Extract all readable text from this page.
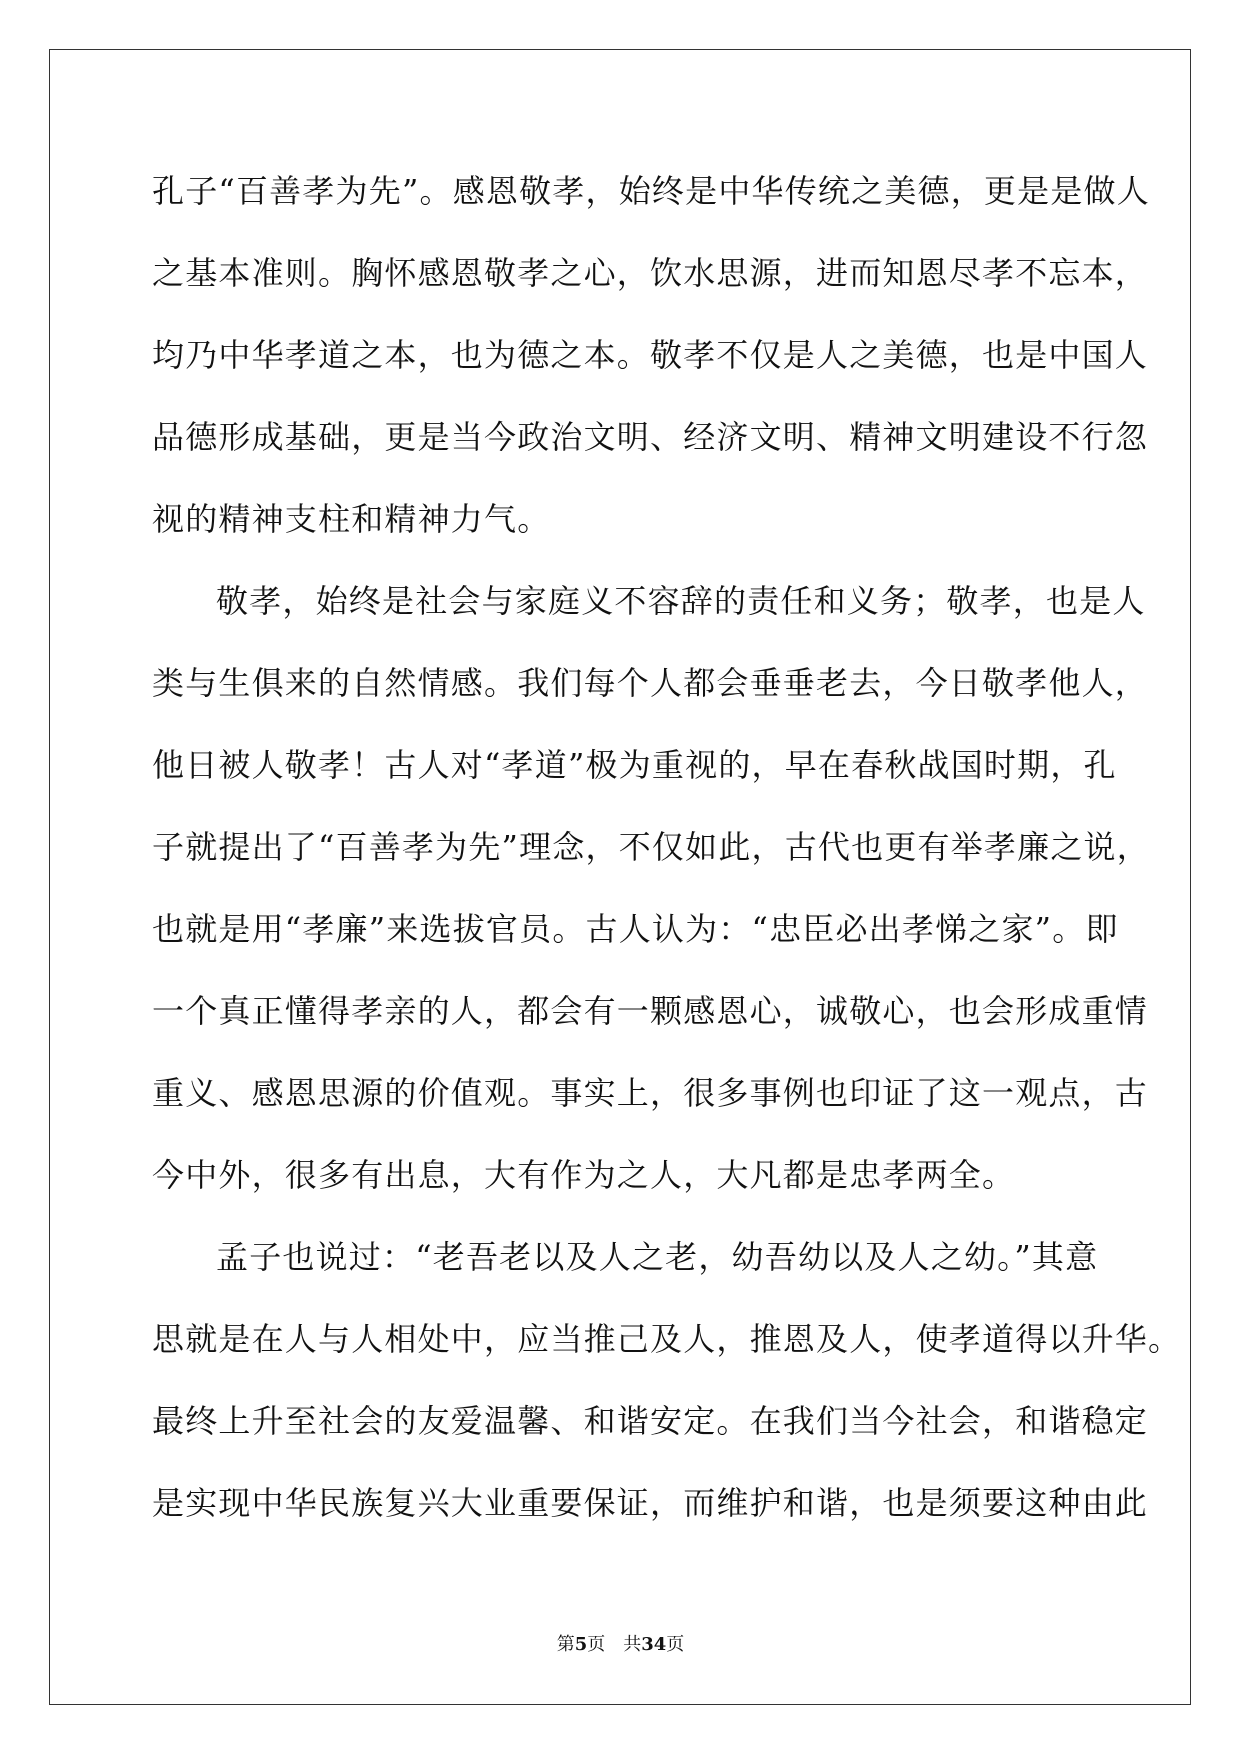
孔子“百善孝为先”。感恩敬孝，始终是中华传统之美德，更是是做人
之基本准则。胸怀感恩敬孝之心，饮水思源，进而知恩尽孝不忘本，
均乃中华孝道之本，也为德之本。敬孝不仅是人之美德，也是中国人
品德形成基础，更是当今政治文明、经济文明、精神文明建设不行忽
视的精神支柱和精神力气。
敬孝，始终是社会与家庭义不容辞的责任和义务；敬孝，也是人
类与生俱来的自然情感。我们每个人都会垂垂老去，今日敬孝他人，
他日被人敬孝！古人对“孝道”极为重视的，早在春秋战国时期，孔
子就提出了“百善孝为先”理念，不仅如此，古代也更有举孝廉之说，
也就是用“孝廉”来选拔官员。古人认为：“忠臣必出孝悌之家”。即
一个真正懂得孝亲的人，都会有一颗感恩心，诚敬心，也会形成重情
重义、感恩思源的价值观。事实上，很多事例也印证了这一观点，古
今中外，很多有出息，大有作为之人，大凡都是忠孝两全。
孟子也说过：“老吾老以及人之老，幼吾幼以及人之幼。”其意
思就是在人与人相处中，应当推己及人，推恩及人，使孝道得以升华。
最终上升至社会的友爱温馨、和谐安定。在我们当今社会，和谐稳定
是实现中华民族复兴大业重要保证，而维护和谐，也是须要这种由此
第5页 共34页
